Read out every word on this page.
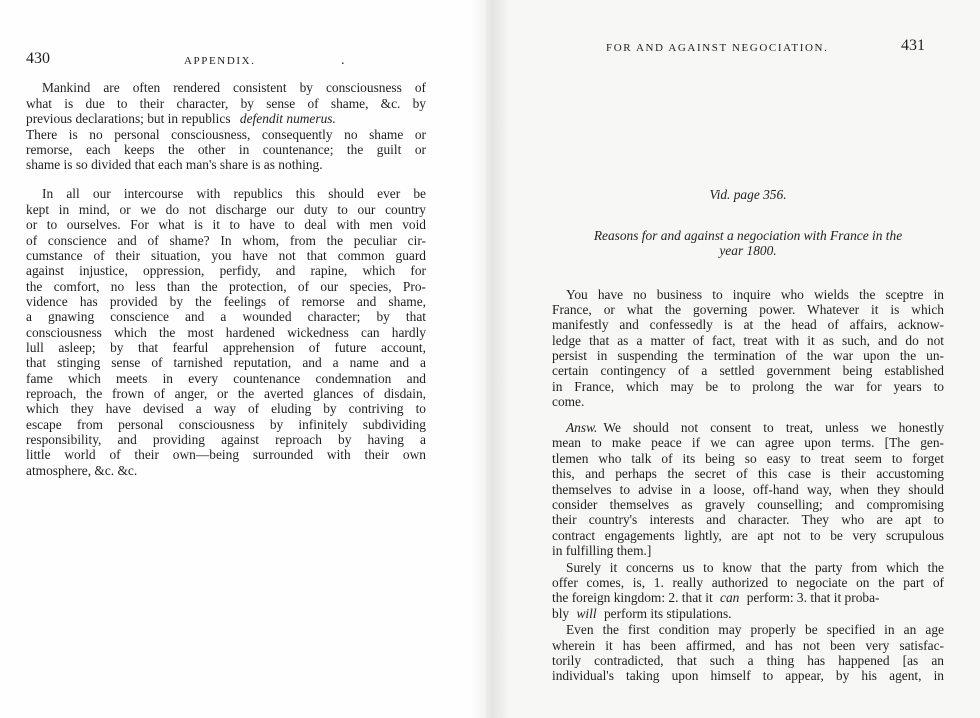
430	APPENDIX.	.
Mankind are often rendered consistent by consciousness of
what is due to their character, by sense of shame, &c. by
previous declarations; but in republics defendit numerus.
There is no personal consciousness, consequently no shame or
remorse, each keeps the other in countenance; the guilt or
shame is so divided that each man's share is as nothing.
In all our intercourse with republics this should ever be
kept in mind, or we do not discharge our duty to our country
or to ourselves. For what is it to have to deal with men void
of conscience and of shame? In whom, from the peculiar cir-
cumstance of their situation, you have not that common guard
against injustice, oppression, perfidy, and rapine, which for
the comfort, no less than the protection, of our species, Pro-
vidence has provided by the feelings of remorse and shame,
a gnawing conscience and a wounded character; by that
consciousness which the most hardened wickedness can hardly
lull asleep; by that fearful apprehension of future account,
that stinging sense of tarnished reputation, and a name and a
fame which meets in every countenance condemnation and
reproach, the frown of anger, or the averted glances of disdain,
which they have devised a way of eluding by contriving to
escape from personal consciousness by infinitely subdividing
responsibility, and providing against reproach by having a
little world of their own—being surrounded with their own
atmosphere, &c. &c.
FOR AND AGAINST NEGOCIATION.	431
Vid. page 356.
Reasons for and against a negociation with France in the
year 1800.
You have no business to inquire who wields the sceptre in
France, or what the governing power. Whatever it is which
manifestly and confessedly is at the head of affairs, acknow-
ledge that as a matter of fact, treat with it as such, and do not
persist in suspending the termination of the war upon the un-
certain contingency of a settled government being established
in France, which may be to prolong the war for years to
come.
Answ. We should not consent to treat, unless we honestly
mean to make peace if we can agree upon terms. [The gen-
tlemen who talk of its being so easy to treat seem to forget
this, and perhaps the secret of this case is their accustoming
themselves to advise in a loose, off-hand way, when they should
consider themselves as gravely counselling; and compromising
their country's interests and character. They who are apt to
contract engagements lightly, are apt not to be very scrupulous
in fulfilling them.]
Surely it concerns us to know that the party from which the
offer comes, is, 1. really authorized to negociate on the part of
the foreign kingdom: 2. that it can perform: 3. that it proba-
bly will perform its stipulations.
Even the first condition may properly be specified in an age
wherein it has been affirmed, and has not been very satisfac-
torily contradicted, that such a thing has happened [as an
individual's taking upon himself to appear, by his agent, in
